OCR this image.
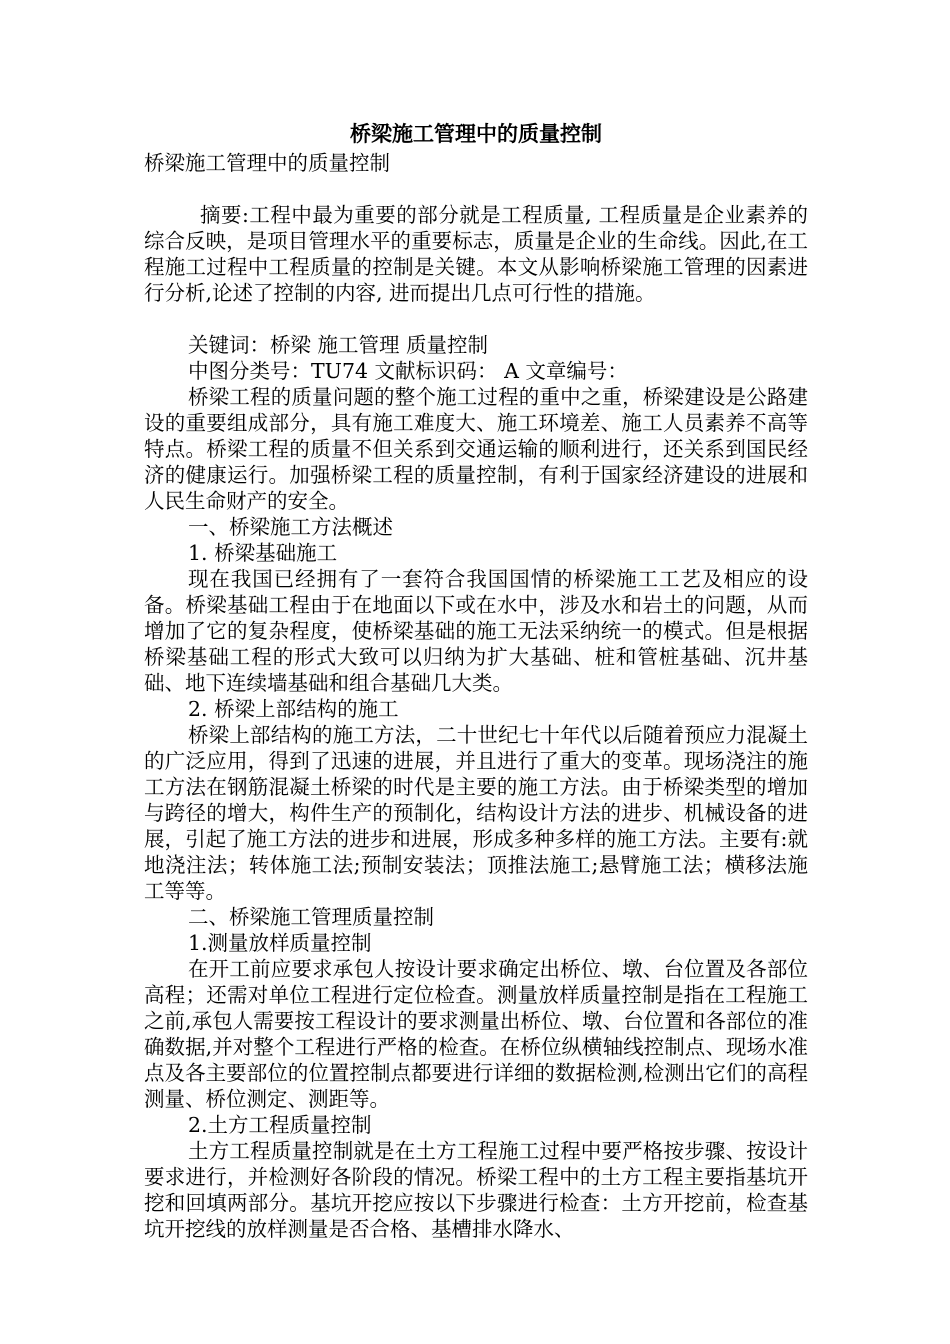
桥梁施工管理中的质量控制

桥梁施工管理中的质量控制

摘要:工程中最为重要的部分就是工程质量, 工程质量是企业素养的综合反映，是项目管理水平的重要标志，质量是企业的生命线。因此,在工程施工过程中工程质量的控制是关键。本文从影响桥梁施工管理的因素进行分析,论述了控制的内容, 进而提出几点可行性的措施。

关键词：桥梁 施工管理 质量控制

中图分类号：TU74 文献标识码： A 文章编号：

桥梁工程的质量问题的整个施工过程的重中之重，桥梁建设是公路建设的重要组成部分，具有施工难度大、施工环境差、施工人员素养不高等特点。桥梁工程的质量不但关系到交通运输的顺利进行，还关系到国民经济的健康运行。加强桥梁工程的质量控制，有利于国家经济建设的进展和人民生命财产的安全。

一、桥梁施工方法概述

1. 桥梁基础施工

现在我国已经拥有了一套符合我国国情的桥梁施工工艺及相应的设备。桥梁基础工程由于在地面以下或在水中，涉及水和岩土的问题，从而增加了它的复杂程度，使桥梁基础的施工无法采纳统一的模式。但是根据桥梁基础工程的形式大致可以归纳为扩大基础、桩和管桩基础、沉井基础、地下连续墙基础和组合基础几大类。

2. 桥梁上部结构的施工

桥梁上部结构的施工方法，二十世纪七十年代以后随着预应力混凝土的广泛应用，得到了迅速的进展，并且进行了重大的变革。现场浇注的施工方法在钢筋混凝土桥梁的时代是主要的施工方法。由于桥梁类型的增加与跨径的增大，构件生产的预制化，结构设计方法的进步、机械设备的进展，引起了施工方法的进步和进展，形成多种多样的施工方法。主要有:就地浇注法；转体施工法;预制安装法；顶推法施工;悬臂施工法；横移法施工等等。

二、桥梁施工管理质量控制

1.测量放样质量控制

在开工前应要求承包人按设计要求确定出桥位、墩、台位置及各部位高程；还需对单位工程进行定位检查。测量放样质量控制是指在工程施工之前,承包人需要按工程设计的要求测量出桥位、墩、台位置和各部位的准确数据,并对整个工程进行严格的检查。在桥位纵横轴线控制点、现场水准点及各主要部位的位置控制点都要进行详细的数据检测,检测出它们的高程测量、桥位测定、测距等。

2.土方工程质量控制

土方工程质量控制就是在土方工程施工过程中要严格按步骤、按设计要求进行，并检测好各阶段的情况。桥梁工程中的土方工程主要指基坑开挖和回填两部分。基坑开挖应按以下步骤进行检查：土方开挖前，检查基坑开挖线的放样测量是否合格、基槽排水降水、
